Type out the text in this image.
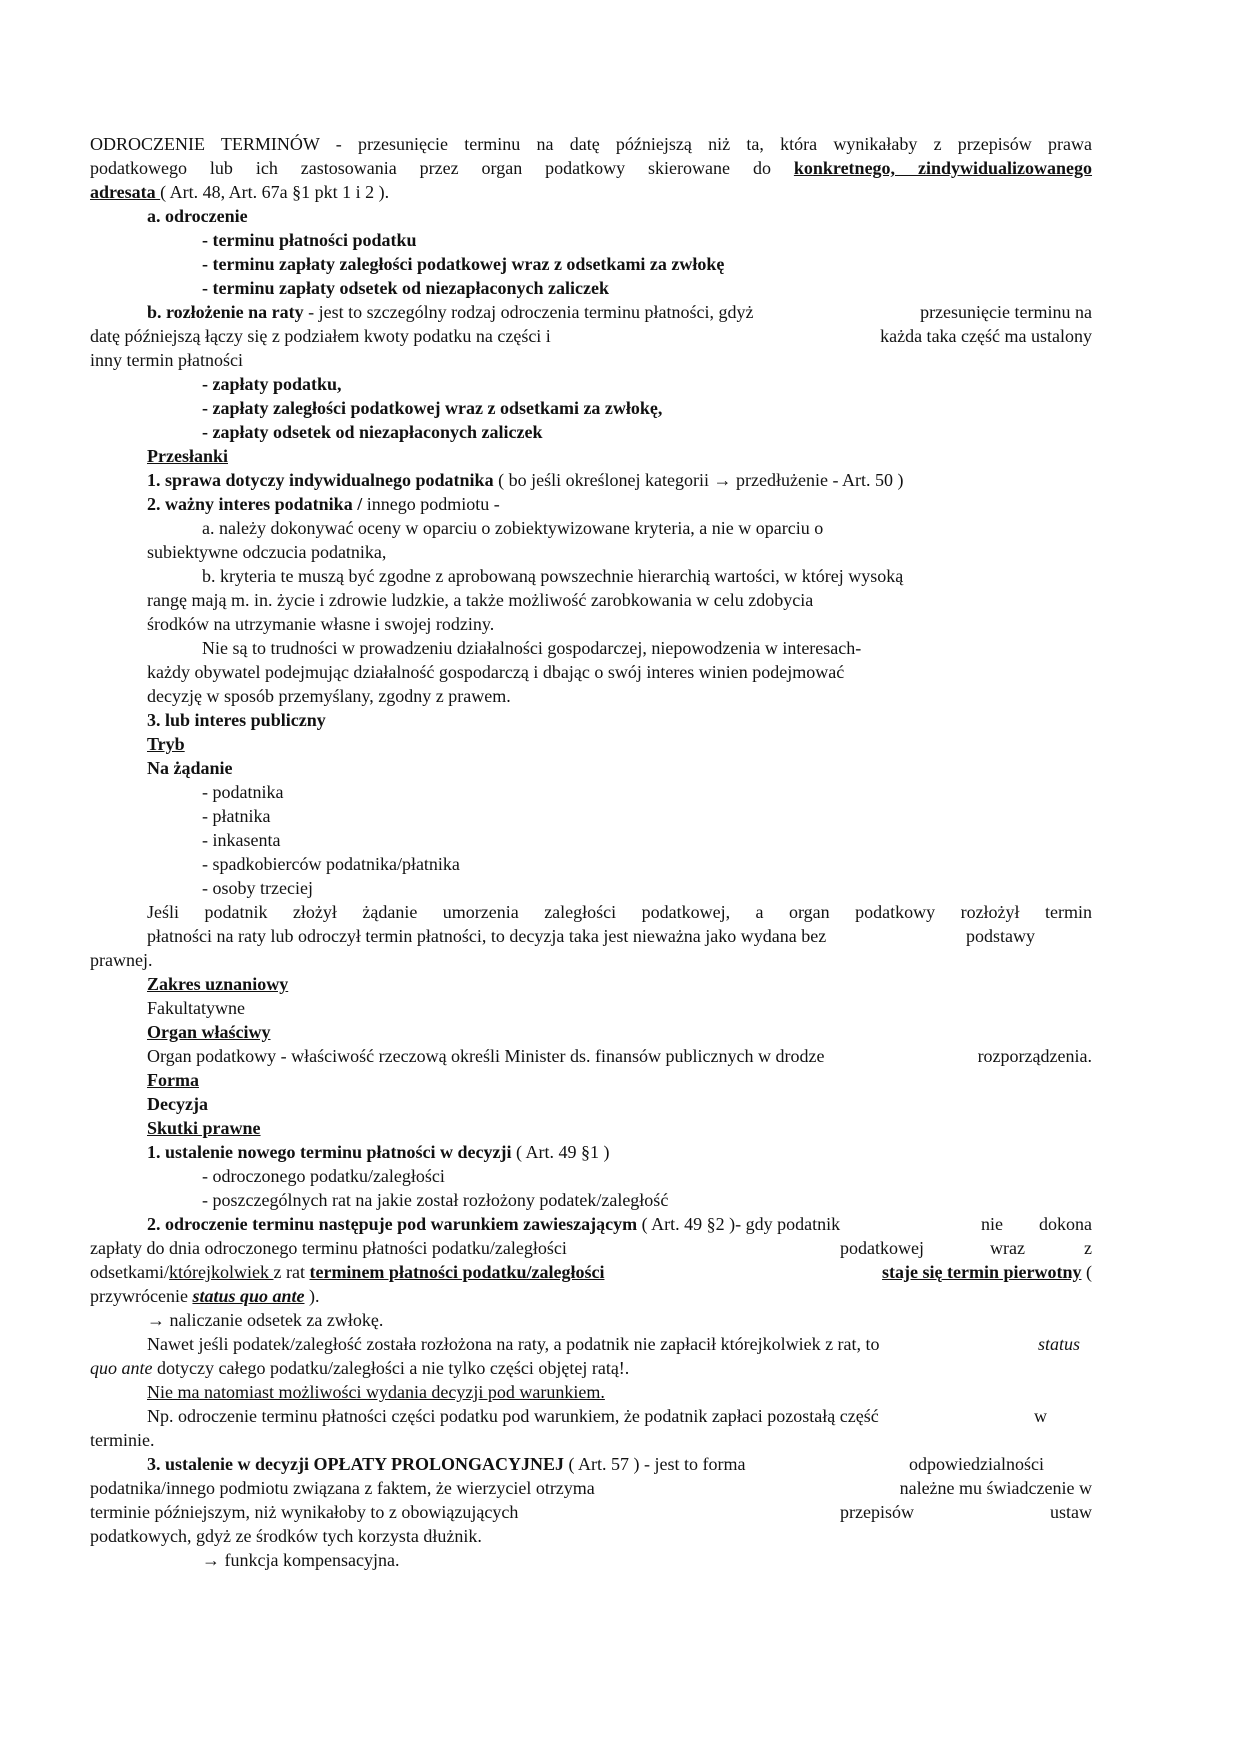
ODROCZENIE TERMINÓW - przesunięcie terminu na datę późniejszą niż ta, która wynikałaby z przepisów prawa
podatkowego lub ich zastosowania przez organ podatkowy skierowane do konkretnego, zindywidualizowanego
adresata ( Art. 48, Art. 67a §1 pkt 1 i 2 ).
a. odroczenie
- terminu płatności podatku
- terminu zapłaty zaległości podatkowej wraz z odsetkami za zwłokę
- terminu zapłaty odsetek od niezapłaconych zaliczek
b. rozłożenie na raty - jest to szczególny rodzaj odroczenia terminu płatności, gdyż	przesunięcie terminu na
datę późniejszą łączy się z podziałem kwoty podatku na części i	każda taka część ma ustalony
inny termin płatności
- zapłaty podatku,
- zapłaty zaległości podatkowej wraz z odsetkami za zwłokę,
- zapłaty odsetek od niezapłaconych zaliczek
Przesłanki
1. sprawa dotyczy indywidualnego podatnika ( bo jeśli określonej kategorii → przedłużenie - Art. 50 )
2. ważny interes podatnika / innego podmiotu -
a. należy dokonywać oceny w oparciu o zobiektywizowane kryteria, a nie w oparciu o
subiektywne odczucia podatnika,
b. kryteria te muszą być zgodne z aprobowaną powszechnie hierarchią wartości, w której wysoką
rangę mają m. in. życie i zdrowie ludzkie, a także możliwość zarobkowania w celu zdobycia
środków na utrzymanie własne i swojej rodziny.
Nie są to trudności w prowadzeniu działalności gospodarczej, niepowodzenia w interesach-
każdy obywatel podejmując działalność gospodarczą i dbając o swój interes winien podejmować
decyzję w sposób przemyślany, zgodny z prawem.
3. lub interes publiczny
Tryb
Na żądanie
- podatnika
- płatnika
- inkasenta
- spadkobierców podatnika/płatnika
- osoby trzeciej
Jeśli podatnik złożył żądanie umorzenia zaległości podatkowej, a organ podatkowy rozłożył termin
płatności na raty lub odroczył termin płatności, to decyzja taka jest nieważna jako wydana bez	podstawy
prawnej.
Zakres uznaniowy
Fakultatywne
Organ właściwy
Organ podatkowy - właściwość rzeczową określi Minister ds. finansów publicznych w drodze	rozporządzenia.
Forma
Decyzja
Skutki prawne
1. ustalenie nowego terminu płatności w decyzji ( Art. 49 §1 )
- odroczonego podatku/zaległości
- poszczególnych rat na jakie został rozłożony podatek/zaległość
2. odroczenie terminu następuje pod warunkiem zawieszającym ( Art. 49 §2 )- gdy podatnik	nie dokona
zapłaty do dnia odroczonego terminu płatności podatku/zaległości	podatkowej	wraz	z
odsetkami/którejkolwiek z rat terminem płatności podatku/zaległości	staje się termin pierwotny (
przywrócenie status quo ante ).
→ naliczanie odsetek za zwłokę.
Nawet jeśli podatek/zaległość została rozłożona na raty, a podatnik nie zapłacił którejkolwiek z rat, to	status
quo ante dotyczy całego podatku/zaległości a nie tylko części objętej ratą!.
Nie ma natomiast możliwości wydania decyzji pod warunkiem.
Np. odroczenie terminu płatności części podatku pod warunkiem, że podatnik zapłaci pozostałą część	w
terminie.
3. ustalenie w decyzji OPŁATY PROLONGACYJNEJ ( Art. 57 ) - jest to forma	odpowiedzialności
podatnika/innego podmiotu związana z faktem, że wierzyciel otrzyma	należne mu świadczenie w
terminie późniejszym, niż wynikałoby to z obowiązujących	przepisów	ustaw
podatkowych, gdyż ze środków tych korzysta dłużnik.
→ funkcja kompensacyjna.
